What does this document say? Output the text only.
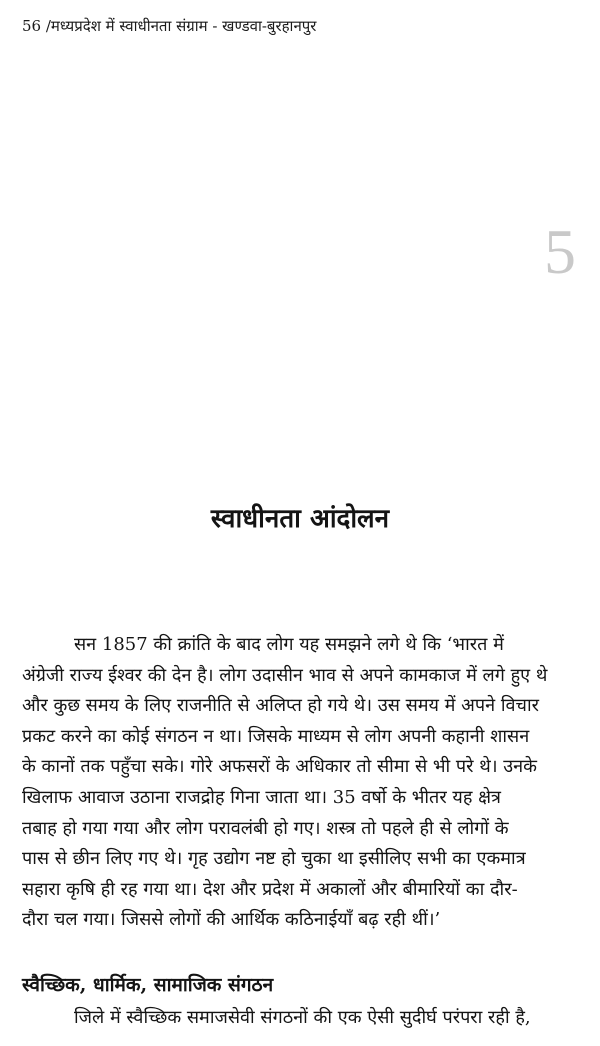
56 /मध्यप्रदेश में स्वाधीनता संग्राम - खण्डवा-बुरहानपुर
5
स्वाधीनता आंदोलन
सन 1857 की क्रांति के बाद लोग यह समझने लगे थे कि ‘भारत में
अंग्रेजी राज्य ईश्वर की देन है। लोग उदासीन भाव से अपने कामकाज में लगे हुए थे
और कुछ समय के लिए राजनीति से अलिप्त हो गये थे। उस समय में अपने विचार
प्रकट करने का कोई संगठन न था। जिसके माध्यम से लोग अपनी कहानी शासन
के कानों तक पहुँचा सके। गोरे अफसरों के अधिकार तो सीमा से भी परे थे। उनके
खिलाफ आवाज उठाना राजद्रोह गिना जाता था। 35 वर्षो के भीतर यह क्षेत्र
तबाह हो गया गया और लोग परावलंबी हो गए। शस्त्र तो पहले ही से लोगों के
पास से छीन लिए गए थे। गृह उद्योग नष्ट हो चुका था इसीलिए सभी का एकमात्र
सहारा कृषि ही रह गया था। देश और प्रदेश में अकालों और बीमारियों का दौर-
दौरा चल गया। जिससे लोगों की आर्थिक कठिनाईयाँ बढ़ रही थीं।’
स्वैच्छिक, धार्मिक, सामाजिक संगठन
जिले में स्वैच्छिक समाजसेवी संगठनों की एक ऐसी सुदीर्घ परंपरा रही है,
